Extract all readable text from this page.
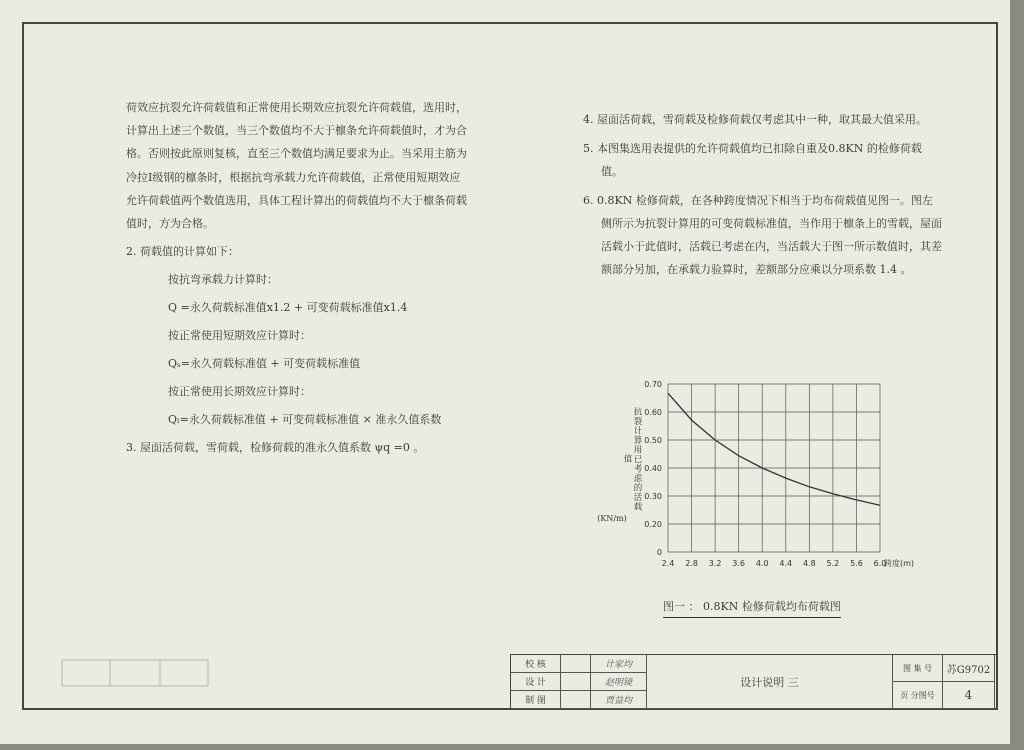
荷效应抗裂允许荷载值和正常使用长期效应抗裂允许荷载值，选用时，计算出上述三个数值，当三个数值均不大于檩条允许荷载值时，才为合格。否则按此原则复核，直至三个数值均满足要求为止。当采用主筋为冷拉Ⅰ级钢的檩条时，根据抗弯承载力允许荷载值，正常使用短期效应允许荷载值两个数值选用，具体工程计算出的荷载值均不大于檩条荷载值时，方为合格。

2. 荷载值的计算如下：

按抗弯承载力计算时：

Q =永久荷载标准值x1.2 + 可变荷载标准值x1.4

按正常使用短期效应计算时：

Qₛ=永久荷载标准值 + 可变荷载标准值

按正常使用长期效应计算时：

Qₗ=永久荷载标准值 + 可变荷载标准值 × 准永久值系数

3. 屋面活荷载，雪荷载，检修荷载的准永久值系数 ψq =0 。

4. 屋面活荷载，雪荷载及检修荷载仅考虑其中一种，取其最大值采用。

5. 本图集选用表提供的允许荷载值均已扣除自重及0.8KN 的检修荷载值。

6. 0.8KN 检修荷载，在各种跨度情况下相当于均布荷载值见图一。图左侧所示为抗裂计算用的可变荷载标准值，当作用于檩条上的雪载，屋面活载小于此值时，活载已考虑在内，当活载大于图一所示数值时，其差额部分另加，在承载力验算时，差额部分应乘以分项系数 1.4 。

0
0.20
0.30
0.40
0.50
0.60
0.70
2.4 2.8 3.2 3.6 4.0 4.4 4.8 5.2 5.6 6.0
跨度(m)
抗裂计算用已考虑的活载值
(KN/m)
图一 ： 0.8KN 检修荷载均布荷载图
校 核
设 计
制 图
计家均
赵明镜
贾益均
设计说明 三
图 集 号	苏G9702
页 分图号	4
